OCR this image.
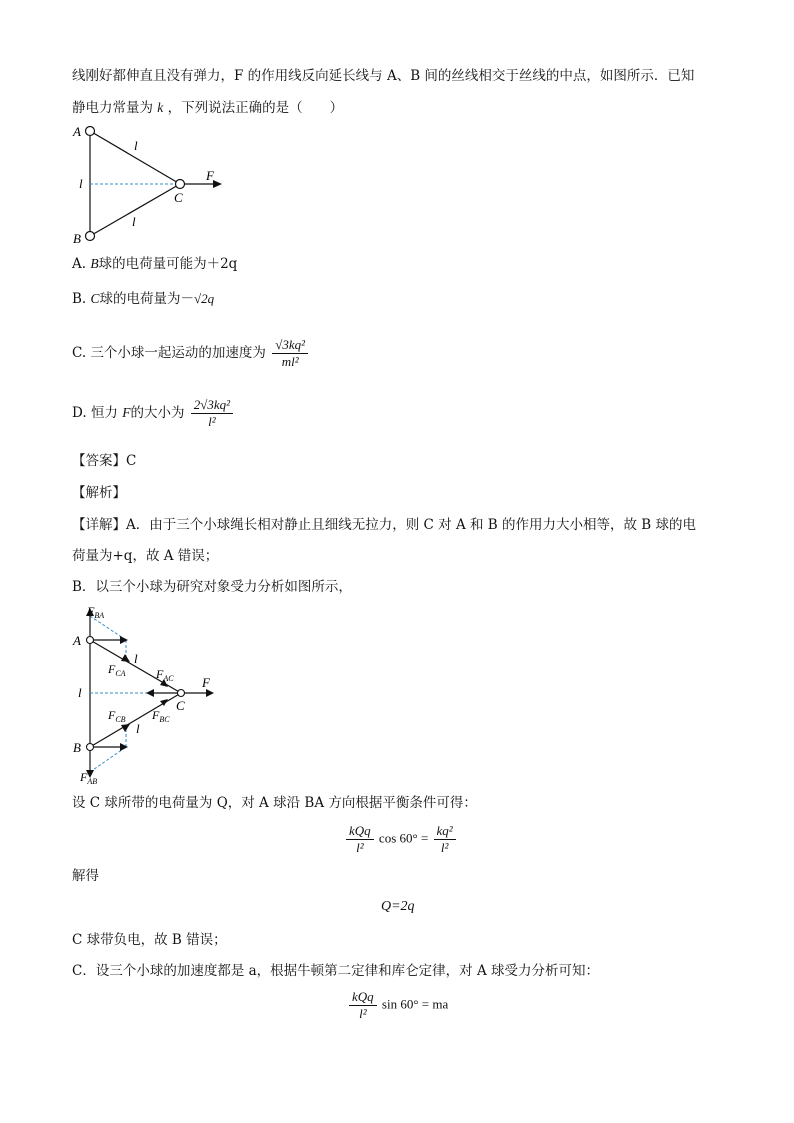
线刚好都伸直且没有弹力，F 的作用线反向延长线与 A、B 间的丝线相交于丝线的中点，如图所示．已知
静电力常量为 k ，下列说法正确的是（　　）
A
B
C
F
l
l
l
A. B球的电荷量可能为＋2q
B. C球的电荷量为－√2q
C. 三个小球一起运动的加速度为 $\frac{\text{√3kq²}}{\text{ml²}}$
D. 恒力 F的大小为 $\frac{\text{2√3kq²}}{\text{l²}}$
【答案】C
【解析】
【详解】A．由于三个小球绳长相对静止且细线无拉力，则 C 对 A 和 B 的作用力大小相等，故 B 球的电
荷量为+q，故 A 错误；
B．以三个小球为研究对象受力分析如图所示，
$F_{BA}$
A
$F_{CA}$
l
$F_{AC}$ F
l
C
$F_{CB}$ $F_{BC}$
l
B
$F_{AB}$
设 C 球所带的电荷量为 Q，对 A 球沿 BA 方向根据平衡条件可得：
$\frac{\text{kQq}}{\text{l²}}$ $\cos 60^\circ = \frac{\text{kq²}}{\text{l²}}$
解得
Q=2q
C 球带负电，故 B 错误；
C．设三个小球的加速度都是 a，根据牛顿第二定律和库仑定律，对 A 球受力分析可知：
$\frac{\text{kQq}}{\text{l²}}$ sin 60° = ma
